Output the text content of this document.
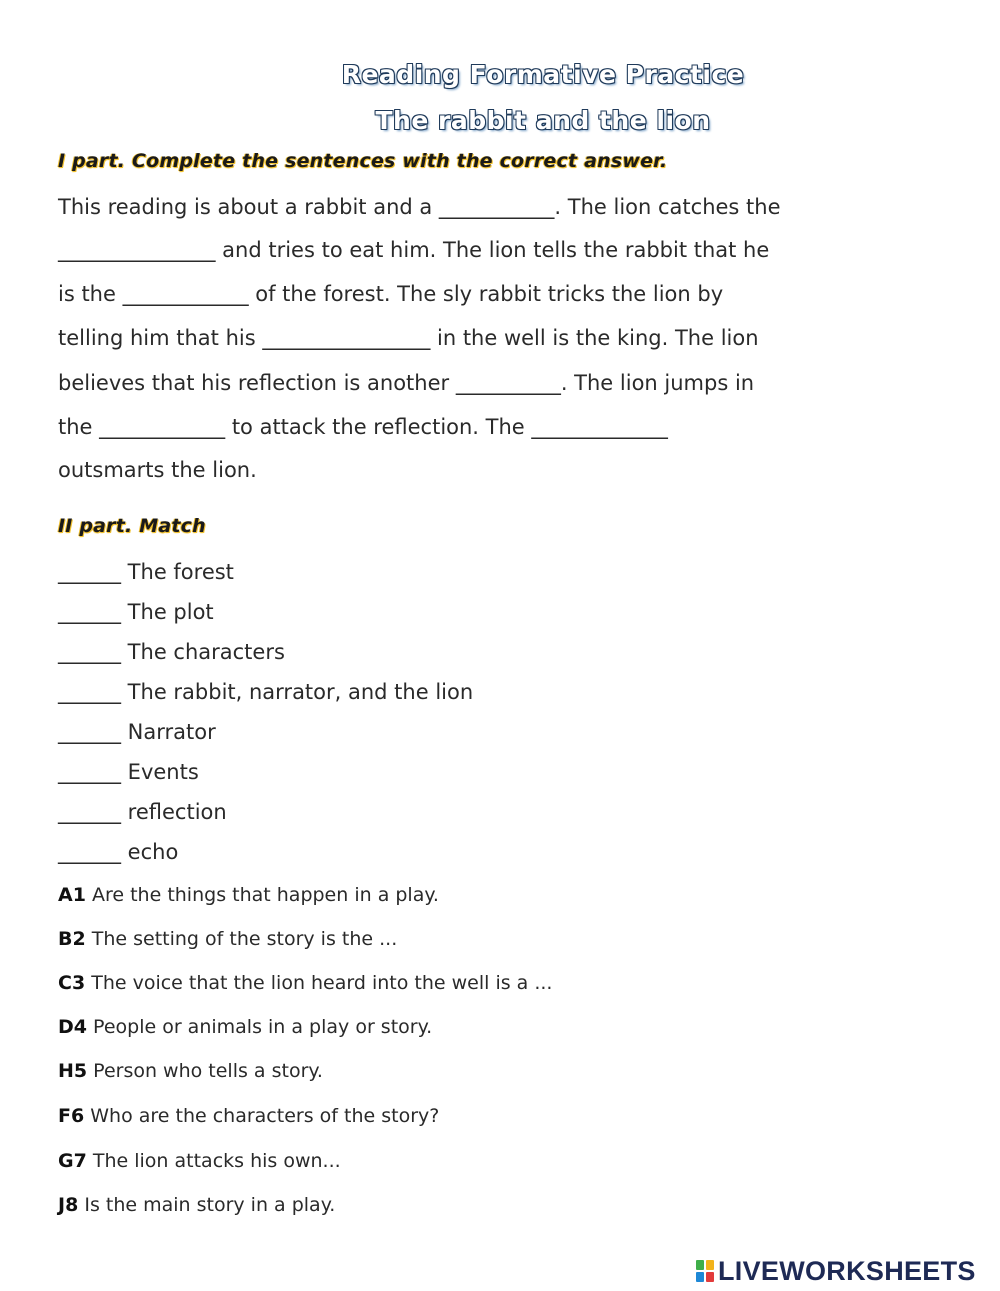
Reading Formative Practice
The rabbit and the lion
I part. Complete the sentences with the correct answer.
This reading is about a rabbit and a ___________. The lion catches the
_______________ and tries to eat him. The lion tells the rabbit that he
is the ____________ of the forest. The sly rabbit tricks the lion by
telling him that his ________________ in the well is the king. The lion
believes that his reflection is another __________. The lion jumps in
the ____________ to attack the reflection. The _____________
outsmarts the lion.
II part. Match
______ The forest
______ The plot
______ The characters
______ The rabbit, narrator, and the lion
______ Narrator
______ Events
______ reflection
______ echo
A1 Are the things that happen in a play.
B2 The setting of the story is the ...
C3 The voice that the lion heard into the well is a ...
D4 People or animals in a play or story.
H5 Person who tells a story.
F6 Who are the characters of the story?
G7 The lion attacks his own...
J8 Is the main story in a play.
LIVEWORKSHEETS
